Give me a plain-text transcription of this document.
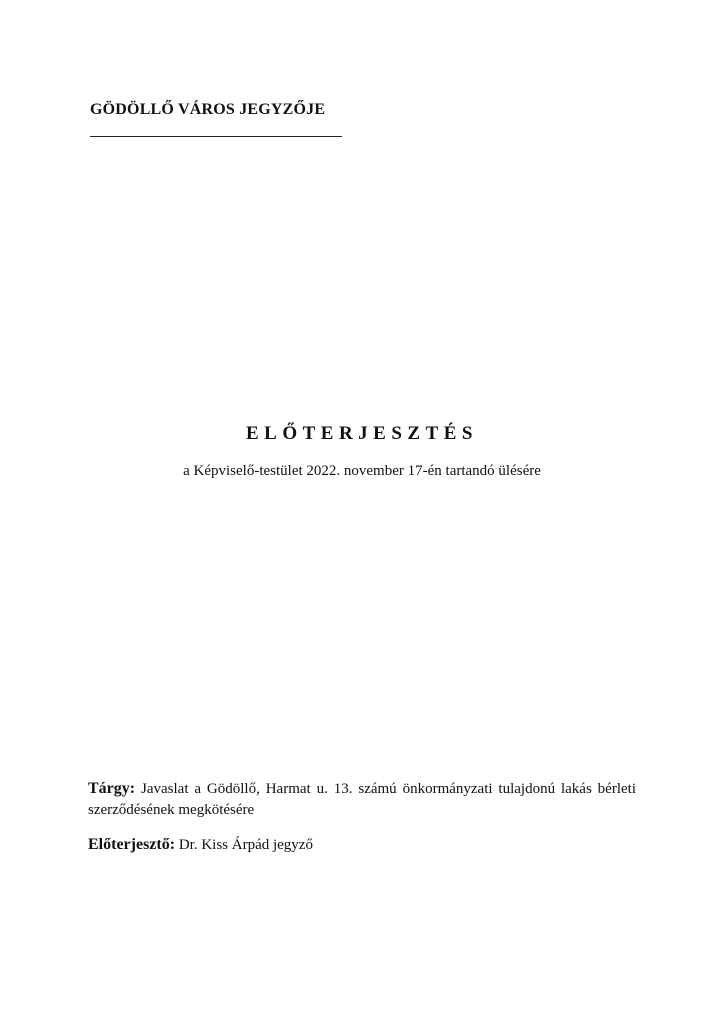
GÖDÖLLŐ VÁROS JEGYZŐJE
ELŐTERJESZTÉS
a Képviselő-testület 2022. november 17-én tartandó ülésére
Tárgy: Javaslat a Gödöllő, Harmat u. 13. számú önkormányzati tulajdonú lakás bérleti szerződésének megkötésére
Előterjesztő: Dr. Kiss Árpád jegyző
